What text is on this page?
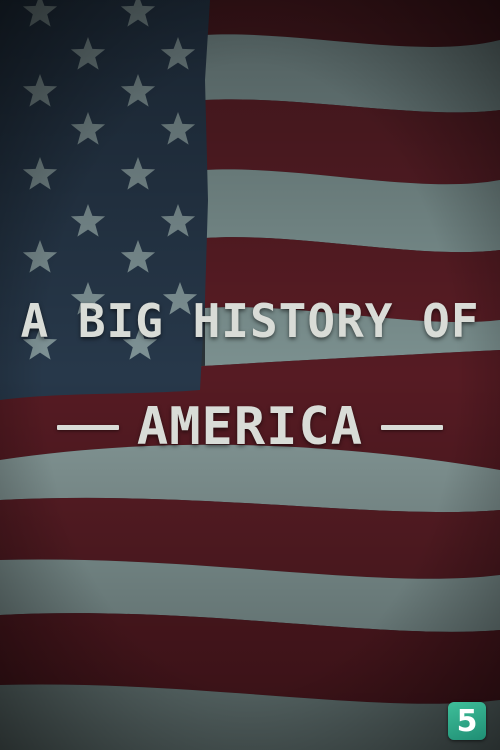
A BIG HISTORY OF
AMERICA
5
